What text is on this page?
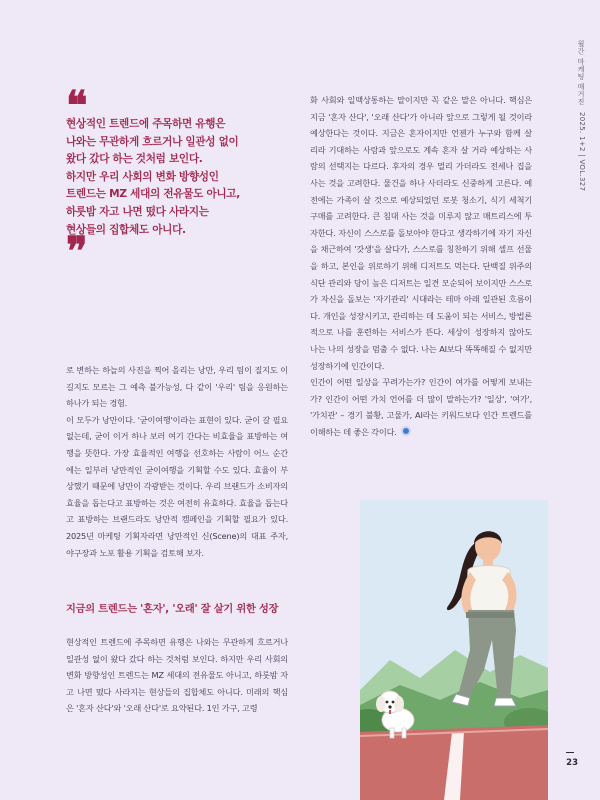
월간 마케팅 매거진
2025. 1+2 | VOL.327
❝
현상적인 트렌드에 주목하면 유행은
나와는 무관하게 흐르거나 일관성 없이
왔다 갔다 하는 것처럼 보인다.
하지만 우리 사회의 변화 방향성인
트렌드는 MZ 세대의 전유물도 아니고,
하룻밤 자고 나면 떴다 사라지는
현상들의 집합체도 아니다.
❞

로 변하는 하늘의 사진을 찍어 올리는 낭만, 우리 팀이 질지도 이길지도 모르는 그 예측 불가능성, 다 같이 '우리' 팀을 응원하는 하나가 되는 경험.

이 모두가 낭만이다. '굳이여행'이라는 표현이 있다. 굳이 갈 필요 없는데, 굳이 이거 하나 보러 여기 간다는 비효율을 표방하는 여행을 뜻한다. 가장 효율적인 여행을 선호하는 사람이 어느 순간에는 일부러 낭만적인 굳이여행을 기획할 수도 있다. 효율이 부상했기 때문에 낭만이 각광받는 것이다. 우리 브랜드가 소비자의 효율을 돕는다고 표방하는 것은 여전히 유효하다. 효율을 돕는다고 표방하는 브랜드라도 낭만적 캠페인을 기획할 필요가 있다. 2025년 마케팅 기획자라면 낭만적인 신(Scene)의 대표 주자, 야구장과 노포 활용 기획을 검토해 보자.

지금의 트렌드는 '혼자', '오래' 잘 살기 위한 성장

현상적인 트렌드에 주목하면 유행은 나와는 무관하게 흐르거나 일관성 없이 왔다 갔다 하는 것처럼 보인다. 하지만 우리 사회의 변화 방향성인 트렌드는 MZ 세대의 전유물도 아니고, 하룻밤 자고 나면 떴다 사라지는 현상들의 집합체도 아니다. 미래의 핵심은 '혼자 산다'와 '오래 산다'로 요약된다. 1인 가구, 고령

화 사회와 일맥상통하는 말이지만 꼭 같은 말은 아니다. 핵심은 지금 '혼자 산다', '오래 산다'가 아니라 앞으로 그렇게 될 것이라 예상한다는 것이다. 지금은 혼자이지만 언젠가 누구와 함께 살 리라 기대하는 사람과 앞으로도 계속 혼자 살 거라 예상하는 사람의 선택지는 다르다. 후자의 경우 멀리 가더라도 전세나 집을 사는 것을 고려한다. 물건을 하나 사더라도 신중하게 고른다. 예전에는 가족이 살 것으로 예상되었던 로봇 청소기, 식기 세척기 구매를 고려한다. 큰 침대 사는 것을 미루지 않고 매트리스에 투자한다. 자신이 스스로를 돌보아야 한다고 생각하기에 자기 자신을 채근하여 '갓생'을 살다가, 스스로를 칭찬하기 위해 셀프 선물을 하고, 본인을 위로하기 위해 디저트도 먹는다. 단백질 위주의 식단 관리와 당이 높은 디저트는 일견 모순되어 보이지만 스스로가 자신을 돌보는 '자기관리' 시대라는 테마 아래 일관된 흐름이다. 개인을 성장시키고, 관리하는 데 도움이 되는 서비스, 방법론적으로 나를 훈련하는 서비스가 뜬다. 세상이 성장하지 않아도 나는 나의 성장을 멈출 수 없다. 나는 AI보다 똑똑해질 수 없지만 성장하기에 인간이다.

인간이 어떤 일상을 꾸려가는가? 인간이 여가를 어떻게 보내는가? 인간이 어떤 가치 언어를 더 많이 말하는가? '일상', '여가', '가치관' – 경기 불황, 고물가, AI라는 키워드보다 인간 트렌드를 이해하는 데 좋은 각이다.

23
